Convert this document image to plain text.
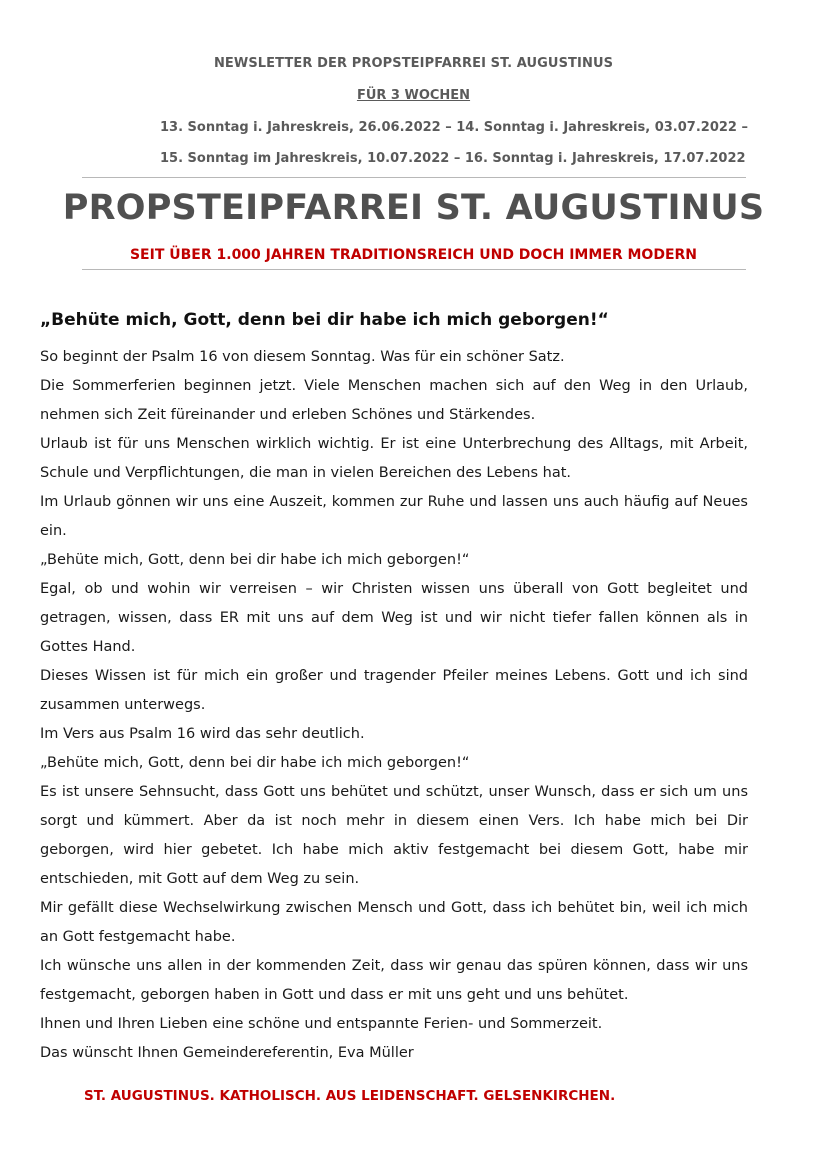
NEWSLETTER DER PROPSTEIPFARREI ST. AUGUSTINUS
FÜR 3 WOCHEN
13. Sonntag i. Jahreskreis, 26.06.2022 – 14. Sonntag i. Jahreskreis, 03.07.2022 –
15. Sonntag im Jahreskreis, 10.07.2022 – 16. Sonntag i. Jahreskreis, 17.07.2022
PROPSTEIPFARREI ST. AUGUSTINUS
SEIT ÜBER 1.000 JAHREN TRADITIONSREICH UND DOCH IMMER MODERN
„Behüte mich, Gott, denn bei dir habe ich mich geborgen!“

So beginnt der Psalm 16 von diesem Sonntag. Was für ein schöner Satz.

Die Sommerferien beginnen jetzt. Viele Menschen machen sich auf den Weg in den Urlaub, nehmen sich Zeit füreinander und erleben Schönes und Stärkendes.

Urlaub ist für uns Menschen wirklich wichtig. Er ist eine Unterbrechung des Alltags, mit Arbeit, Schule und Verpflichtungen, die man in vielen Bereichen des Lebens hat.

Im Urlaub gönnen wir uns eine Auszeit, kommen zur Ruhe und lassen uns auch häufig auf Neues ein.

„Behüte mich, Gott, denn bei dir habe ich mich geborgen!“

Egal, ob und wohin wir verreisen – wir Christen wissen uns überall von Gott begleitet und getragen, wissen, dass ER mit uns auf dem Weg ist und wir nicht tiefer fallen können als in Gottes Hand.

Dieses Wissen ist für mich ein großer und tragender Pfeiler meines Lebens. Gott und ich sind zusammen unterwegs.

Im Vers aus Psalm 16 wird das sehr deutlich.

„Behüte mich, Gott, denn bei dir habe ich mich geborgen!“

Es ist unsere Sehnsucht, dass Gott uns behütet und schützt, unser Wunsch, dass er sich um uns sorgt und kümmert. Aber da ist noch mehr in diesem einen Vers. Ich habe mich bei Dir geborgen, wird hier gebetet. Ich habe mich aktiv festgemacht bei diesem Gott, habe mir entschieden, mit Gott auf dem Weg zu sein.

Mir gefällt diese Wechselwirkung zwischen Mensch und Gott, dass ich behütet bin, weil ich mich an Gott festgemacht habe.

Ich wünsche uns allen in der kommenden Zeit, dass wir genau das spüren können, dass wir uns festgemacht, geborgen haben in Gott und dass er mit uns geht und uns behütet.

Ihnen und Ihren Lieben eine schöne und entspannte Ferien- und Sommerzeit.

Das wünscht Ihnen Gemeindereferentin, Eva Müller

ST. AUGUSTINUS. KATHOLISCH. AUS LEIDENSCHAFT. GELSENKIRCHEN.
